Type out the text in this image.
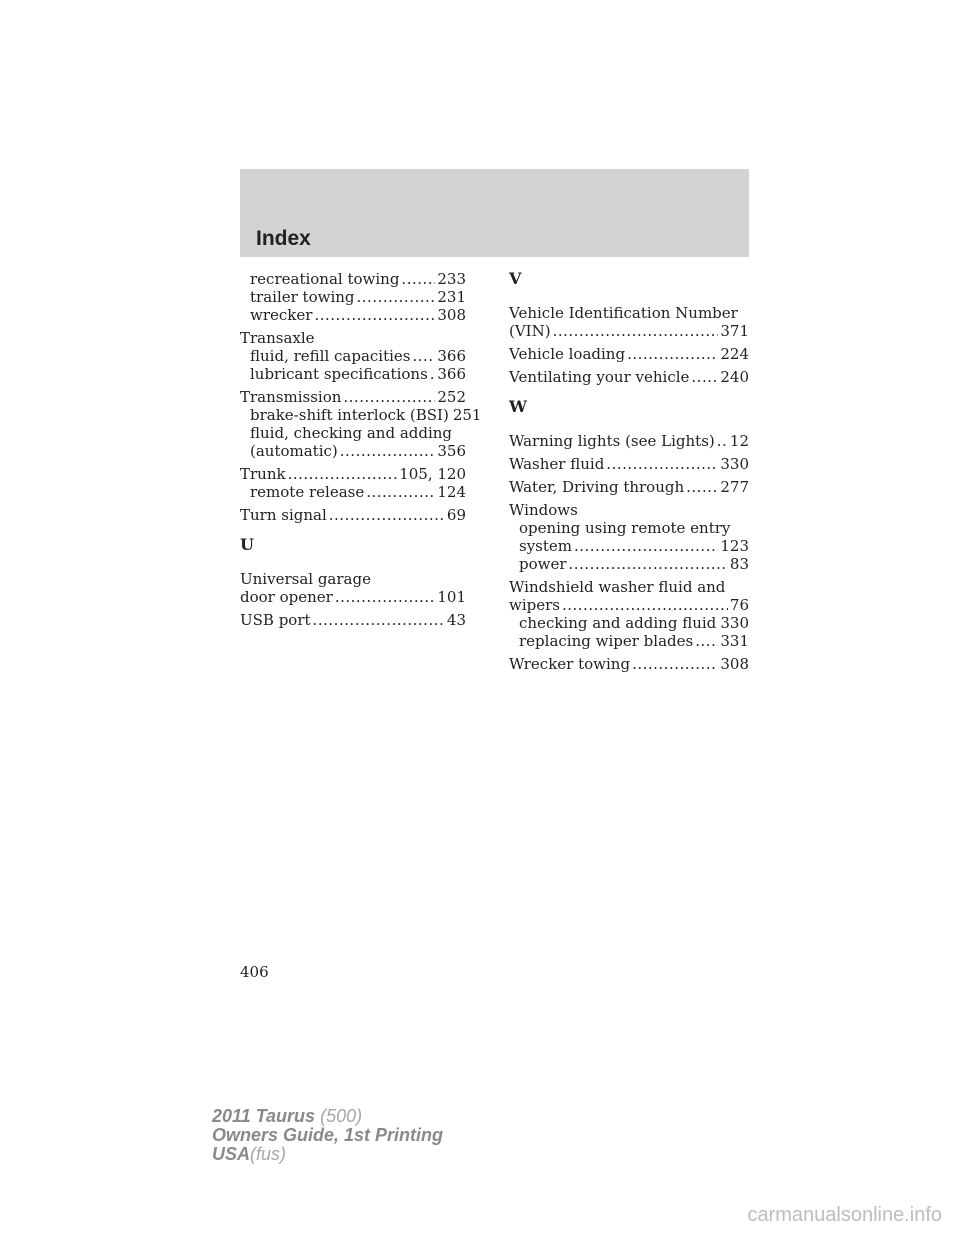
Index
recreational towing .....	233
trailer towing .....	231
wrecker .....	308
Transaxle
fluid, refill capacities ..... 366
lubricant specifications ..... 366
Transmission .....	252
brake-shift interlock (BSI) 251
fluid, checking and adding
(automatic) .....	356
Trunk .....	105, 120
remote release .....	124
Turn signal .....	69
U
Universal garage
door opener .....	101
USB port .....	43
V
Vehicle Identification Number
(VIN) .....	371
Vehicle loading .....	224
Ventilating your vehicle ..... 240
W
Warning lights (see Lights) ..... 12
Washer fluid .....	330
Water, Driving through ..... 277
Windows
opening using remote entry
system .....	123
power .....	83
Windshield washer fluid and
wipers .....	76
checking and adding fluid ..... 330
replacing wiper blades ..... 331
Wrecker towing .....	308
406
2011 Taurus (500)
Owners Guide, 1st Printing
USA(fus)
carmanualsonline.info
